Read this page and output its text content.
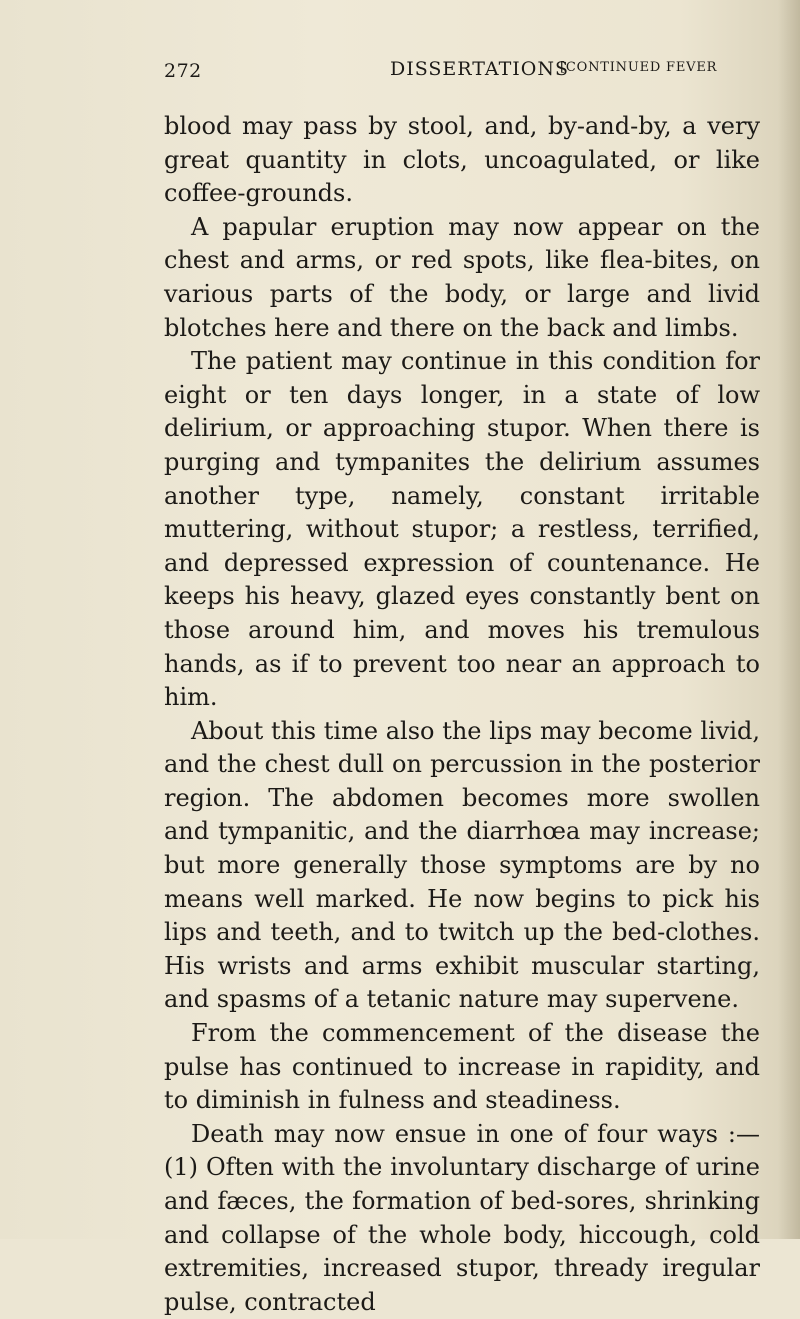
272	DISSERTATIONS
[CONTINUED FEVER

blood may pass by stool, and, by-and-by, a very great quantity in clots, uncoagulated, or like coffee-grounds.

A papular eruption may now appear on the chest and arms, or red spots, like flea-bites, on various parts of the body, or large and livid blotches here and there on the back and limbs.

The patient may continue in this condition for eight or ten days longer, in a state of low delirium, or approaching stupor. When there is purging and tympanites the delirium assumes another type, namely, constant irritable muttering, without stupor; a restless, terrified, and depressed expression of countenance. He keeps his heavy, glazed eyes constantly bent on those around him, and moves his tremulous hands, as if to prevent too near an approach to him.

About this time also the lips may become livid, and the chest dull on percussion in the posterior region. The abdomen becomes more swollen and tympanitic, and the diarrhœa may increase; but more generally those symptoms are by no means well marked. He now begins to pick his lips and teeth, and to twitch up the bed-clothes. His wrists and arms exhibit muscular starting, and spasms of a tetanic nature may supervene.

From the commencement of the disease the pulse has continued to increase in rapidity, and to diminish in fulness and steadiness.

Death may now ensue in one of four ways :—(1) Often with the involuntary discharge of urine and fæces, the formation of bed-sores, shrinking and collapse of the whole body, hiccough, cold extremities, increased stupor, thready iregular pulse, contracted
